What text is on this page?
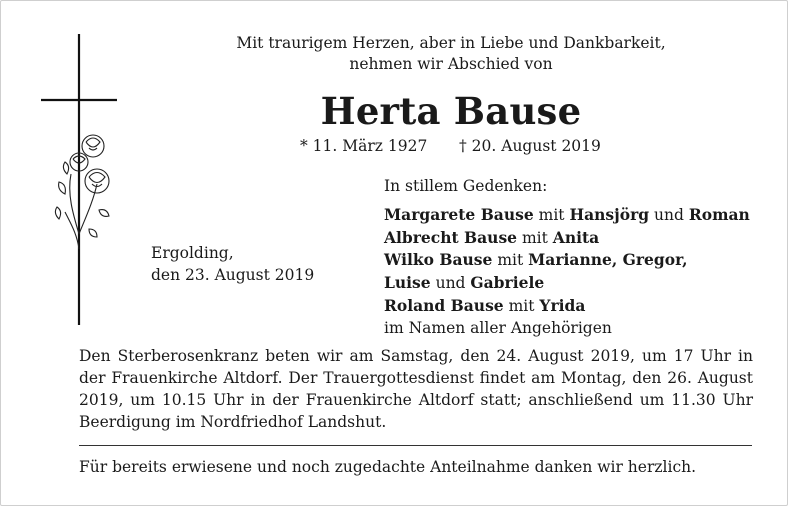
Mit traurigem Herzen, aber in Liebe und Dankbarkeit,
nehmen wir Abschied von
Herta Bause
* 11. März 1927 † 20. August 2019
Ergolding,
den 23. August 2019
In stillem Gedenken:
Margarete Bause mit Hansjörg und Roman
Albrecht Bause mit Anita
Wilko Bause mit Marianne, Gregor,
Luise und Gabriele
Roland Bause mit Yrida
im Namen aller Angehörigen
Den Sterberosenkranz beten wir am Samstag, den 24. August 2019, um 17 Uhr in der Frauenkirche Altdorf. Der Trauergottesdienst findet am Montag, den 26. August 2019, um 10.15 Uhr in der Frauenkirche Altdorf statt; anschließend um 11.30 Uhr Beerdigung im Nordfriedhof Landshut.
Für bereits erwiesene und noch zugedachte Anteilnahme danken wir herzlich.
